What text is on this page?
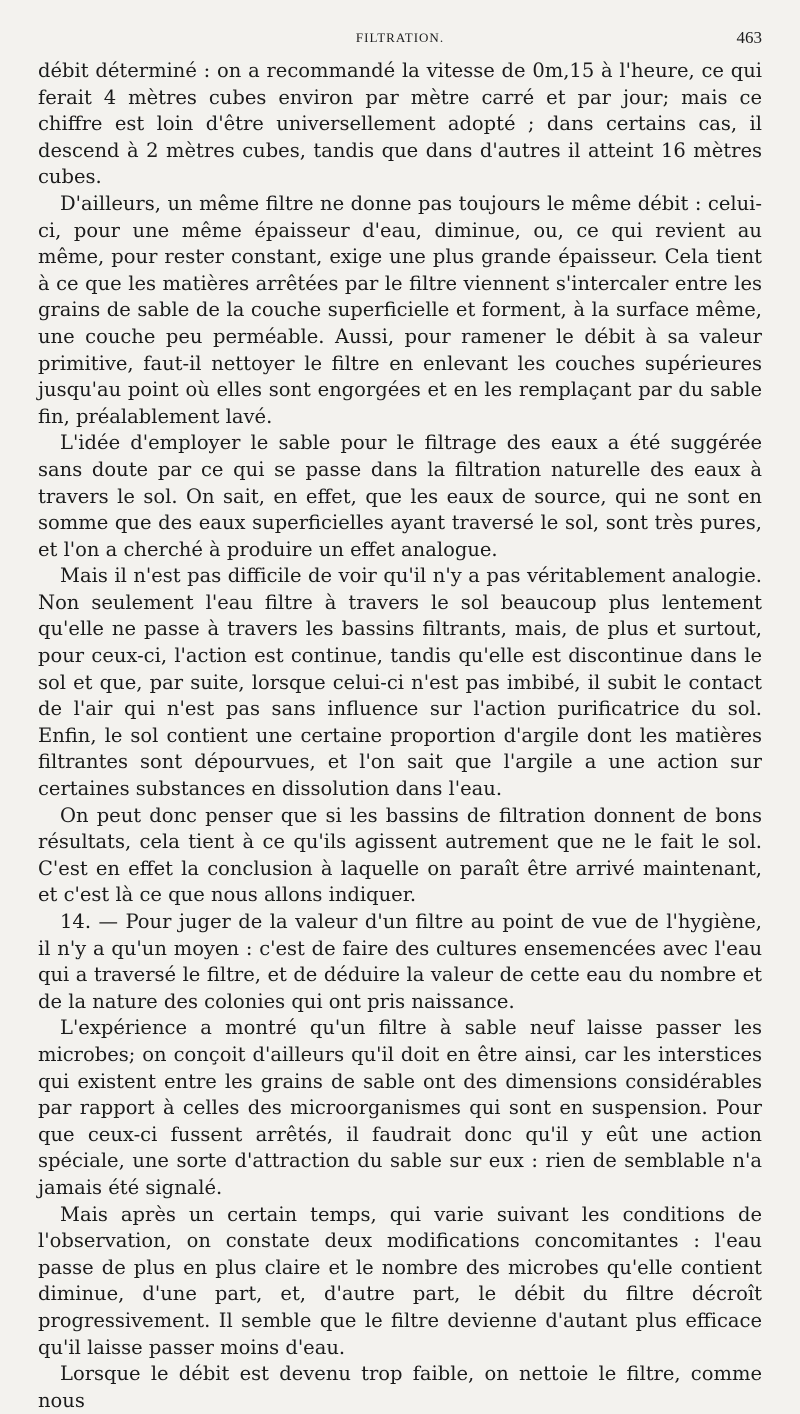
FILTRATION.	463

débit déterminé : on a recommandé la vitesse de 0m,15 à l'heure, ce qui ferait 4 mètres cubes environ par mètre carré et par jour; mais ce chiffre est loin d'être universellement adopté ; dans certains cas, il descend à 2 mètres cubes, tandis que dans d'autres il atteint 16 mètres cubes.

D'ailleurs, un même filtre ne donne pas toujours le même débit : celui-ci, pour une même épaisseur d'eau, diminue, ou, ce qui revient au même, pour rester constant, exige une plus grande épaisseur. Cela tient à ce que les matières arrêtées par le filtre viennent s'intercaler entre les grains de sable de la couche superficielle et forment, à la surface même, une couche peu perméable. Aussi, pour ramener le débit à sa valeur primitive, faut-il nettoyer le filtre en enlevant les couches supérieures jusqu'au point où elles sont engorgées et en les remplaçant par du sable fin, préalablement lavé.

L'idée d'employer le sable pour le filtrage des eaux a été suggérée sans doute par ce qui se passe dans la filtration naturelle des eaux à travers le sol. On sait, en effet, que les eaux de source, qui ne sont en somme que des eaux superficielles ayant traversé le sol, sont très pures, et l'on a cherché à produire un effet analogue.

Mais il n'est pas difficile de voir qu'il n'y a pas véritablement analogie. Non seulement l'eau filtre à travers le sol beaucoup plus lentement qu'elle ne passe à travers les bassins filtrants, mais, de plus et surtout, pour ceux-ci, l'action est continue, tandis qu'elle est discontinue dans le sol et que, par suite, lorsque celui-ci n'est pas imbibé, il subit le contact de l'air qui n'est pas sans influence sur l'action purificatrice du sol. Enfin, le sol contient une certaine proportion d'argile dont les matières filtrantes sont dépourvues, et l'on sait que l'argile a une action sur certaines substances en dissolution dans l'eau.

On peut donc penser que si les bassins de filtration donnent de bons résultats, cela tient à ce qu'ils agissent autrement que ne le fait le sol. C'est en effet la conclusion à laquelle on paraît être arrivé maintenant, et c'est là ce que nous allons indiquer.

14. — Pour juger de la valeur d'un filtre au point de vue de l'hygiène, il n'y a qu'un moyen : c'est de faire des cultures ensemencées avec l'eau qui a traversé le filtre, et de déduire la valeur de cette eau du nombre et de la nature des colonies qui ont pris naissance.

L'expérience a montré qu'un filtre à sable neuf laisse passer les microbes; on conçoit d'ailleurs qu'il doit en être ainsi, car les interstices qui existent entre les grains de sable ont des dimensions considérables par rapport à celles des microorganismes qui sont en suspension. Pour que ceux-ci fussent arrêtés, il faudrait donc qu'il y eût une action spéciale, une sorte d'attraction du sable sur eux : rien de semblable n'a jamais été signalé.

Mais après un certain temps, qui varie suivant les conditions de l'observation, on constate deux modifications concomitantes : l'eau passe de plus en plus claire et le nombre des microbes qu'elle contient diminue, d'une part, et, d'autre part, le débit du filtre décroît progressivement. Il semble que le filtre devienne d'autant plus efficace qu'il laisse passer moins d'eau.

Lorsque le débit est devenu trop faible, on nettoie le filtre, comme nous
